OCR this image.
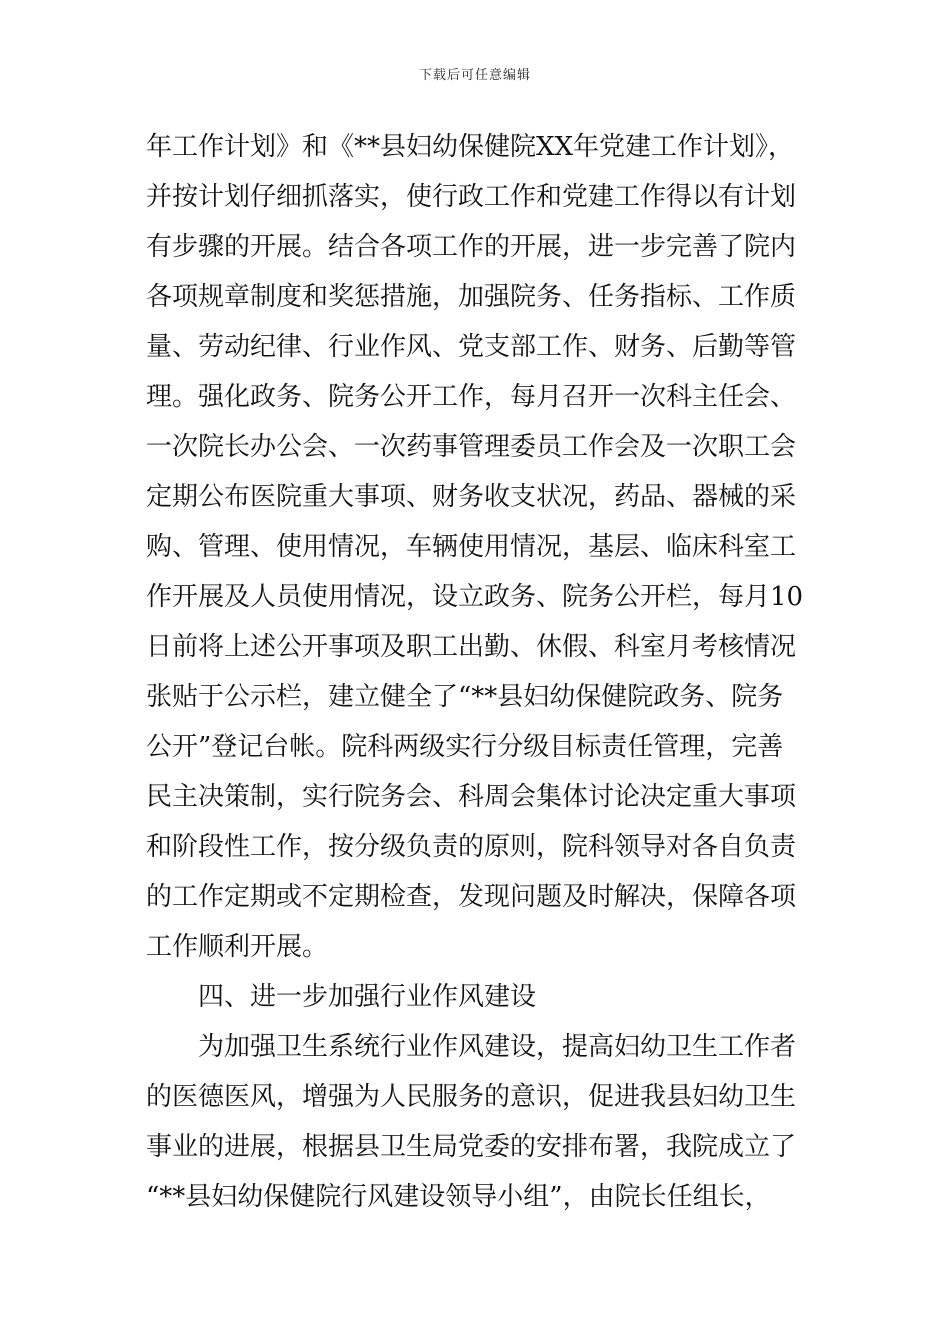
下载后可任意编辑
年工作计划》和《**县妇幼保健院XX年党建工作计划》，
并按计划仔细抓落实，使行政工作和党建工作得以有计划
有步骤的开展。结合各项工作的开展，进一步完善了院内
各项规章制度和奖惩措施，加强院务、任务指标、工作质
量、劳动纪律、行业作风、党支部工作、财务、后勤等管
理。强化政务、院务公开工作，每月召开一次科主任会、
一次院长办公会、一次药事管理委员工作会及一次职工会
定期公布医院重大事项、财务收支状况，药品、器械的采
购、管理、使用情况，车辆使用情况，基层、临床科室工
作开展及人员使用情况，设立政务、院务公开栏，每月10
日前将上述公开事项及职工出勤、休假、科室月考核情况
张贴于公示栏，建立健全了“**县妇幼保健院政务、院务
公开”登记台帐。院科两级实行分级目标责任管理，完善
民主决策制，实行院务会、科周会集体讨论决定重大事项
和阶段性工作，按分级负责的原则，院科领导对各自负责
的工作定期或不定期检查，发现问题及时解决，保障各项
工作顺利开展。
四、进一步加强行业作风建设
为加强卫生系统行业作风建设，提高妇幼卫生工作者
的医德医风，增强为人民服务的意识，促进我县妇幼卫生
事业的进展，根据县卫生局党委的安排布署，我院成立了
“**县妇幼保健院行风建设领导小组”，由院长任组长，
